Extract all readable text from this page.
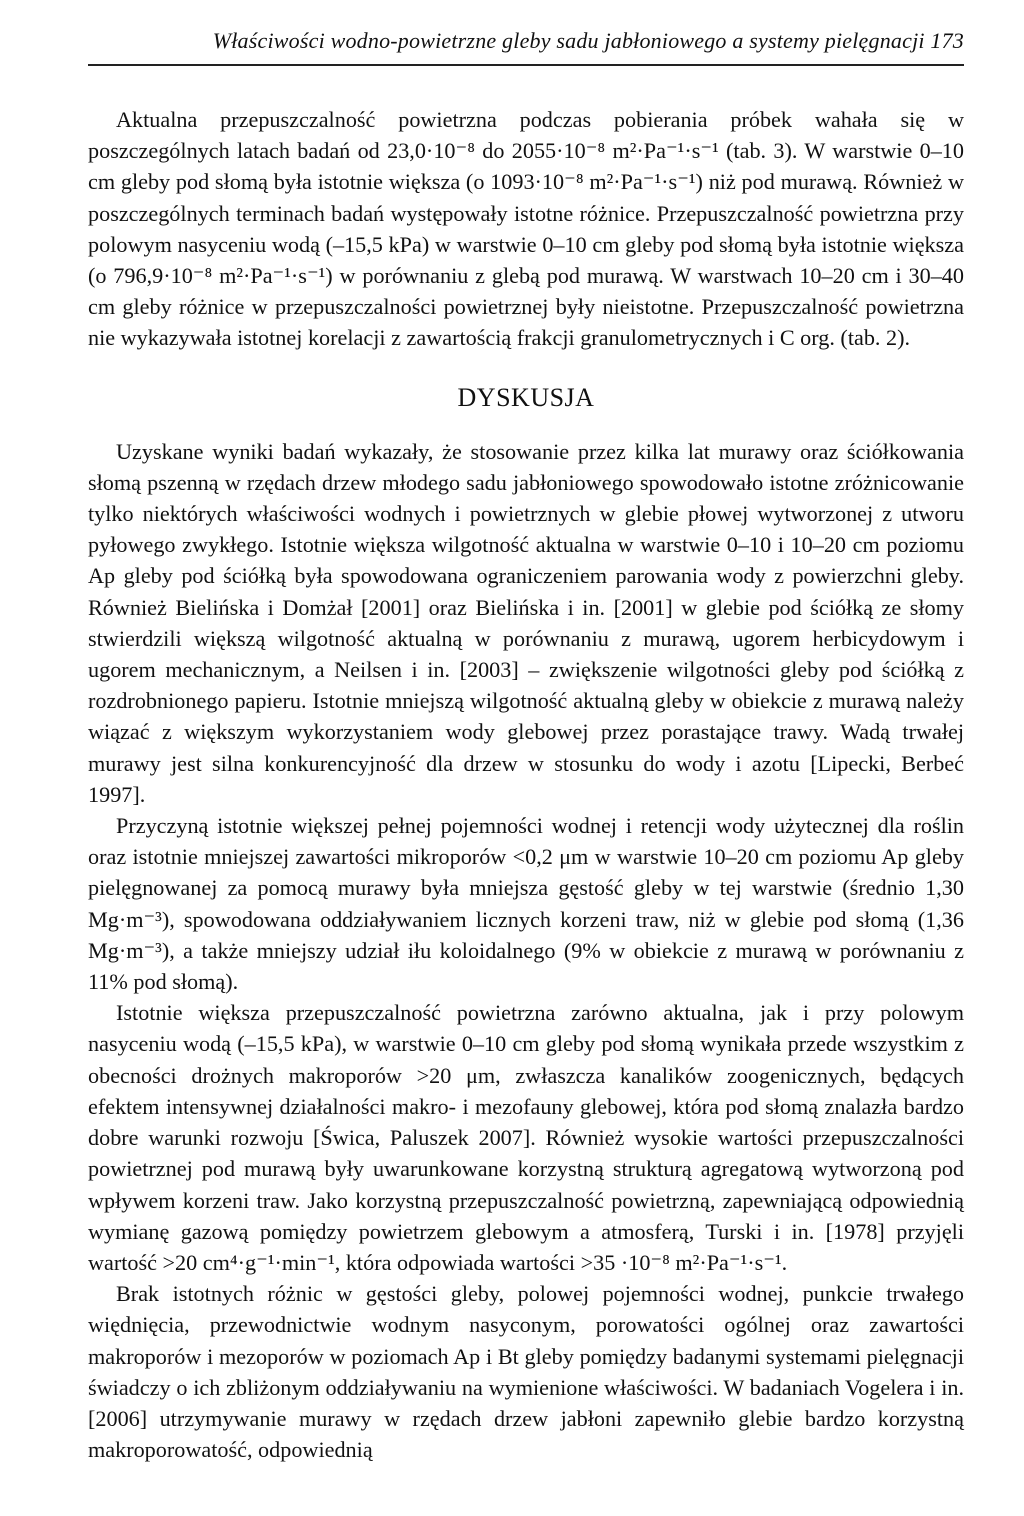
Właściwości wodno-powietrzne gleby sadu jabłoniowego a systemy pielęgnacji 173

Aktualna przepuszczalność powietrzna podczas pobierania próbek wahała się w poszczególnych latach badań od 23,0·10⁻⁸ do 2055·10⁻⁸ m²·Pa⁻¹·s⁻¹ (tab. 3). W warstwie 0–10 cm gleby pod słomą była istotnie większa (o 1093·10⁻⁸ m²·Pa⁻¹·s⁻¹) niż pod murawą. Również w poszczególnych terminach badań występowały istotne różnice. Przepuszczalność powietrzna przy polowym nasyceniu wodą (–15,5 kPa) w warstwie 0–10 cm gleby pod słomą była istotnie większa (o 796,9·10⁻⁸ m²·Pa⁻¹·s⁻¹) w porównaniu z glebą pod murawą. W warstwach 10–20 cm i 30–40 cm gleby różnice w przepuszczalności powietrznej były nieistotne. Przepuszczalność powietrzna nie wykazywała istotnej korelacji z zawartością frakcji granulometrycznych i C org. (tab. 2).

DYSKUSJA

Uzyskane wyniki badań wykazały, że stosowanie przez kilka lat murawy oraz ściółkowania słomą pszenną w rzędach drzew młodego sadu jabłoniowego spowodowało istotne zróżnicowanie tylko niektórych właściwości wodnych i powietrznych w glebie płowej wytworzonej z utworu pyłowego zwykłego. Istotnie większa wilgotność aktualna w warstwie 0–10 i 10–20 cm poziomu Ap gleby pod ściółką była spowodowana ograniczeniem parowania wody z powierzchni gleby. Również Bielińska i Domżał [2001] oraz Bielińska i in. [2001] w glebie pod ściółką ze słomy stwierdzili większą wilgotność aktualną w porównaniu z murawą, ugorem herbicydowym i ugorem mechanicznym, a Neilsen i in. [2003] – zwiększenie wilgotności gleby pod ściółką z rozdrobnionego papieru. Istotnie mniejszą wilgotność aktualną gleby w obiekcie z murawą należy wiązać z większym wykorzystaniem wody glebowej przez porastające trawy. Wadą trwałej murawy jest silna konkurencyjność dla drzew w stosunku do wody i azotu [Lipecki, Berbeć 1997].

Przyczyną istotnie większej pełnej pojemności wodnej i retencji wody użytecznej dla roślin oraz istotnie mniejszej zawartości mikroporów <0,2 μm w warstwie 10–20 cm poziomu Ap gleby pielęgnowanej za pomocą murawy była mniejsza gęstość gleby w tej warstwie (średnio 1,30 Mg·m⁻³), spowodowana oddziaływaniem licznych korzeni traw, niż w glebie pod słomą (1,36 Mg·m⁻³), a także mniejszy udział iłu koloidalnego (9% w obiekcie z murawą w porównaniu z 11% pod słomą).

Istotnie większa przepuszczalność powietrzna zarówno aktualna, jak i przy polowym nasyceniu wodą (–15,5 kPa), w warstwie 0–10 cm gleby pod słomą wynikała przede wszystkim z obecności drożnych makroporów >20 μm, zwłaszcza kanalików zoogenicznych, będących efektem intensywnej działalności makro- i mezofauny glebowej, która pod słomą znalazła bardzo dobre warunki rozwoju [Świca, Paluszek 2007]. Również wysokie wartości przepuszczalności powietrznej pod murawą były uwarunkowane korzystną strukturą agregatową wytworzoną pod wpływem korzeni traw. Jako korzystną przepuszczalność powietrzną, zapewniającą odpowiednią wymianę gazową pomiędzy powietrzem glebowym a atmosferą, Turski i in. [1978] przyjęli wartość >20 cm⁴·g⁻¹·min⁻¹, która odpowiada wartości >35 ·10⁻⁸ m²·Pa⁻¹·s⁻¹.

Brak istotnych różnic w gęstości gleby, polowej pojemności wodnej, punkcie trwałego więdnięcia, przewodnictwie wodnym nasyconym, porowatości ogólnej oraz zawartości makroporów i mezoporów w poziomach Ap i Bt gleby pomiędzy badanymi systemami pielęgnacji świadczy o ich zbliżonym oddziaływaniu na wymienione właściwości. W badaniach Vogelera i in. [2006] utrzymywanie murawy w rzędach drzew jabłoni zapewniło glebie bardzo korzystną makroporowatość, odpowiednią
